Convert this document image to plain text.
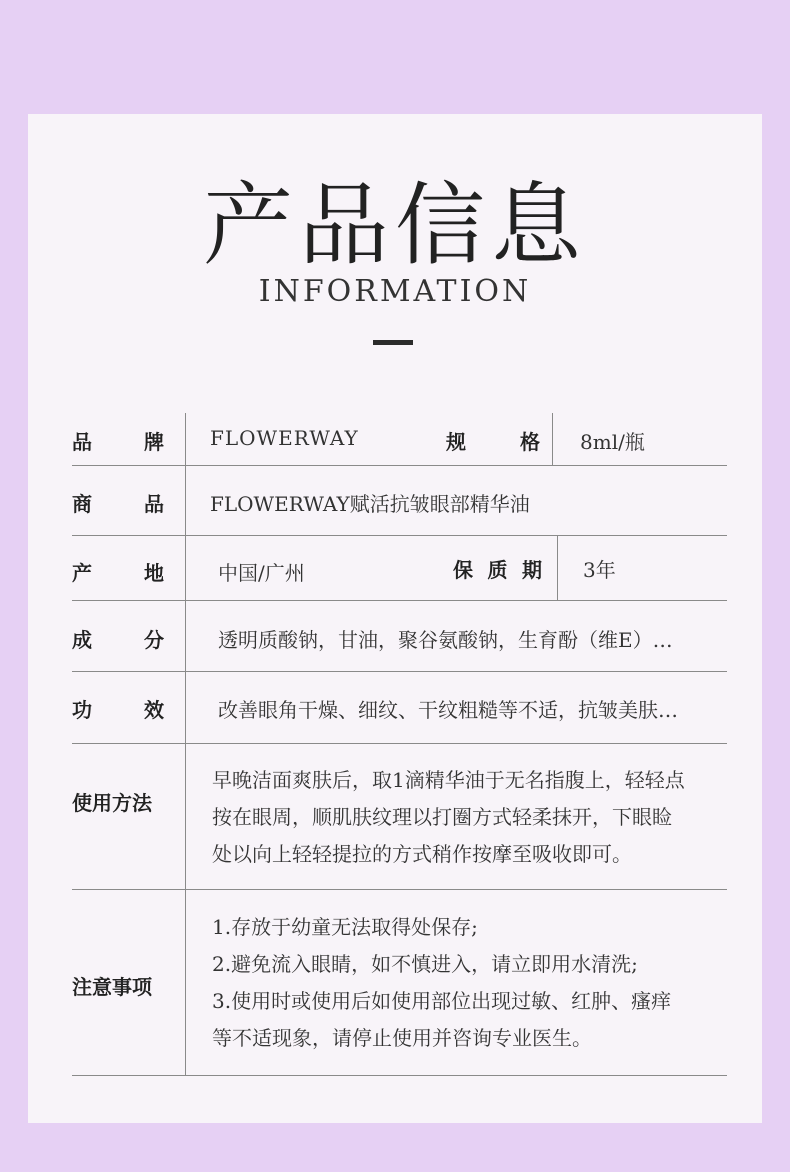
产品信息
INFORMATION
品	牌 FLOWERWAY	规	格 8ml/瓶
商	品 FLOWERWAY赋活抗皱眼部精华油
产	地	中国/广州	保 质 期 3年
成	分	透明质酸钠，甘油，聚谷氨酸钠，生育酚（维E）…
功	效	改善眼角干燥、细纹、干纹粗糙等不适，抗皱美肤…
使用方法
早晚洁面爽肤后，取1滴精华油于无名指腹上，轻轻点
按在眼周，顺肌肤纹理以打圈方式轻柔抹开，下眼睑
处以向上轻轻提拉的方式稍作按摩至吸收即可。
注意事项
1.存放于幼童无法取得处保存;
2.避免流入眼睛，如不慎进入，请立即用水清洗;
3.使用时或使用后如使用部位出现过敏、红肿、瘙痒
等不适现象，请停止使用并咨询专业医生。
